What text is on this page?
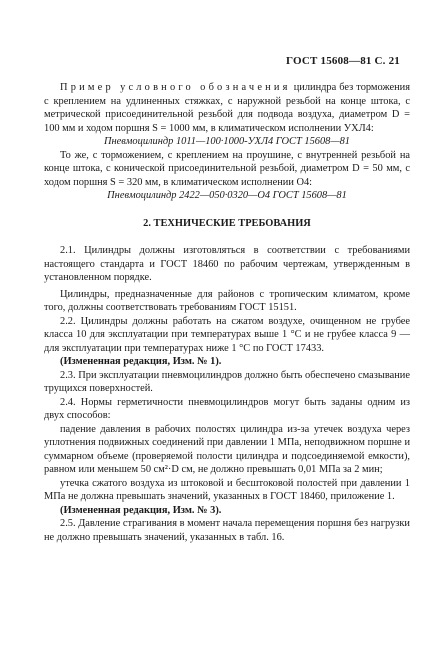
ГОСТ 15608—81 С. 21

Пример условного обозначения цилиндра без торможения с креплением на удлиненных стяжках, с наружной резьбой на конце штока, с метрической присоединительной резьбой для подвода воздуха, диаметром D = 100 мм и ходом поршня S = 1000 мм, в климатическом исполнении УХЛ4:

Пневмоцилиндр 1011—100·1000-УХЛ4 ГОСТ 15608—81

То же, с торможением, с креплением на проушине, с внутренней резьбой на конце штока, с конической присоединительной резьбой, диаметром D = 50 мм, с ходом поршня S = 320 мм, в климатическом исполнении О4:

Пневмоцилиндр 2422—050·0320—О4 ГОСТ 15608—81

2. ТЕХНИЧЕСКИЕ ТРЕБОВАНИЯ

2.1. Цилиндры должны изготовляться в соответствии с требованиями настоящего стандарта и ГОСТ 18460 по рабочим чертежам, утвержденным в установленном порядке.

Цилиндры, предназначенные для районов с тропическим климатом, кроме того, должны соответствовать требованиям ГОСТ 15151.

2.2. Цилиндры должны работать на сжатом воздухе, очищенном не грубее класса 10 для эксплуатации при температурах выше 1 °С и не грубее класса 9 — для эксплуатации при температурах ниже 1 °С по ГОСТ 17433.

(Измененная редакция, Изм. № 1).

2.3. При эксплуатации пневмоцилиндров должно быть обеспечено смазывание трущихся поверхностей.

2.4. Нормы герметичности пневмоцилиндров могут быть заданы одним из двух способов:

падение давления в рабочих полостях цилиндра из-за утечек воздуха через уплотнения подвижных соединений при давлении 1 МПа, неподвижном поршне и суммарном объеме (проверяемой полости цилиндра и подсоединяемой емкости), равном или меньшем 50 см²·D см, не должно превышать 0,01 МПа за 2 мин;

утечка сжатого воздуха из штоковой и бесштоковой полостей при давлении 1 МПа не должна превышать значений, указанных в ГОСТ 18460, приложение 1.

(Измененная редакция, Изм. № 3).

2.5. Давление страгивания в момент начала перемещения поршня без нагрузки не должно превышать значений, указанных в табл. 16.
